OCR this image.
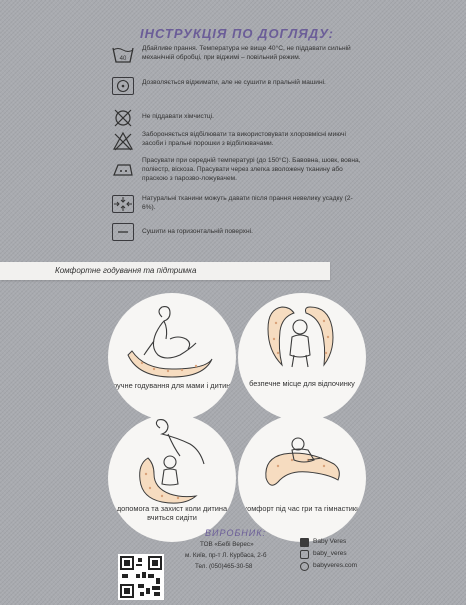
ІНСТРУКЦІЯ ПО ДОГЛЯДУ:
40
Дбайливе прання. Температура не вище 40°С, не піддавати сильній механічній обробці, при віджимі – повільний режим.
Дозволяється віджимати, але не сушити в пральній машині.
Не піддавати хімчистці.
Забороняється відбілювати та використовувати хлоровмісні миючі засоби і пральні порошки з відбілювачами.
Прасувати при середній температурі (до 150°С). Бавовна, шовк, вовна, поліестр, віскоза. Прасувати через злегка зволожену тканину або праскою з парозво-ложувачем.
Натуральні тканини можуть давати після прання невелику усадку (2-6%).
Сушити на горизонтальній поверхні.
Комфортне годування та підтримка
зручне годування для мами і дитини	безпечне місце для відпочинку
допомога та захист коли дитина вчиться сидіти
комфорт під час гри та гімнастики
ВИРОБНИК:
ТОВ «Бебі Верес»
м. Київ, пр-т Л. Курбаса, 2-б
Тел. (050)465-30-58
Baby Veres
baby_veres
babyveres.com
